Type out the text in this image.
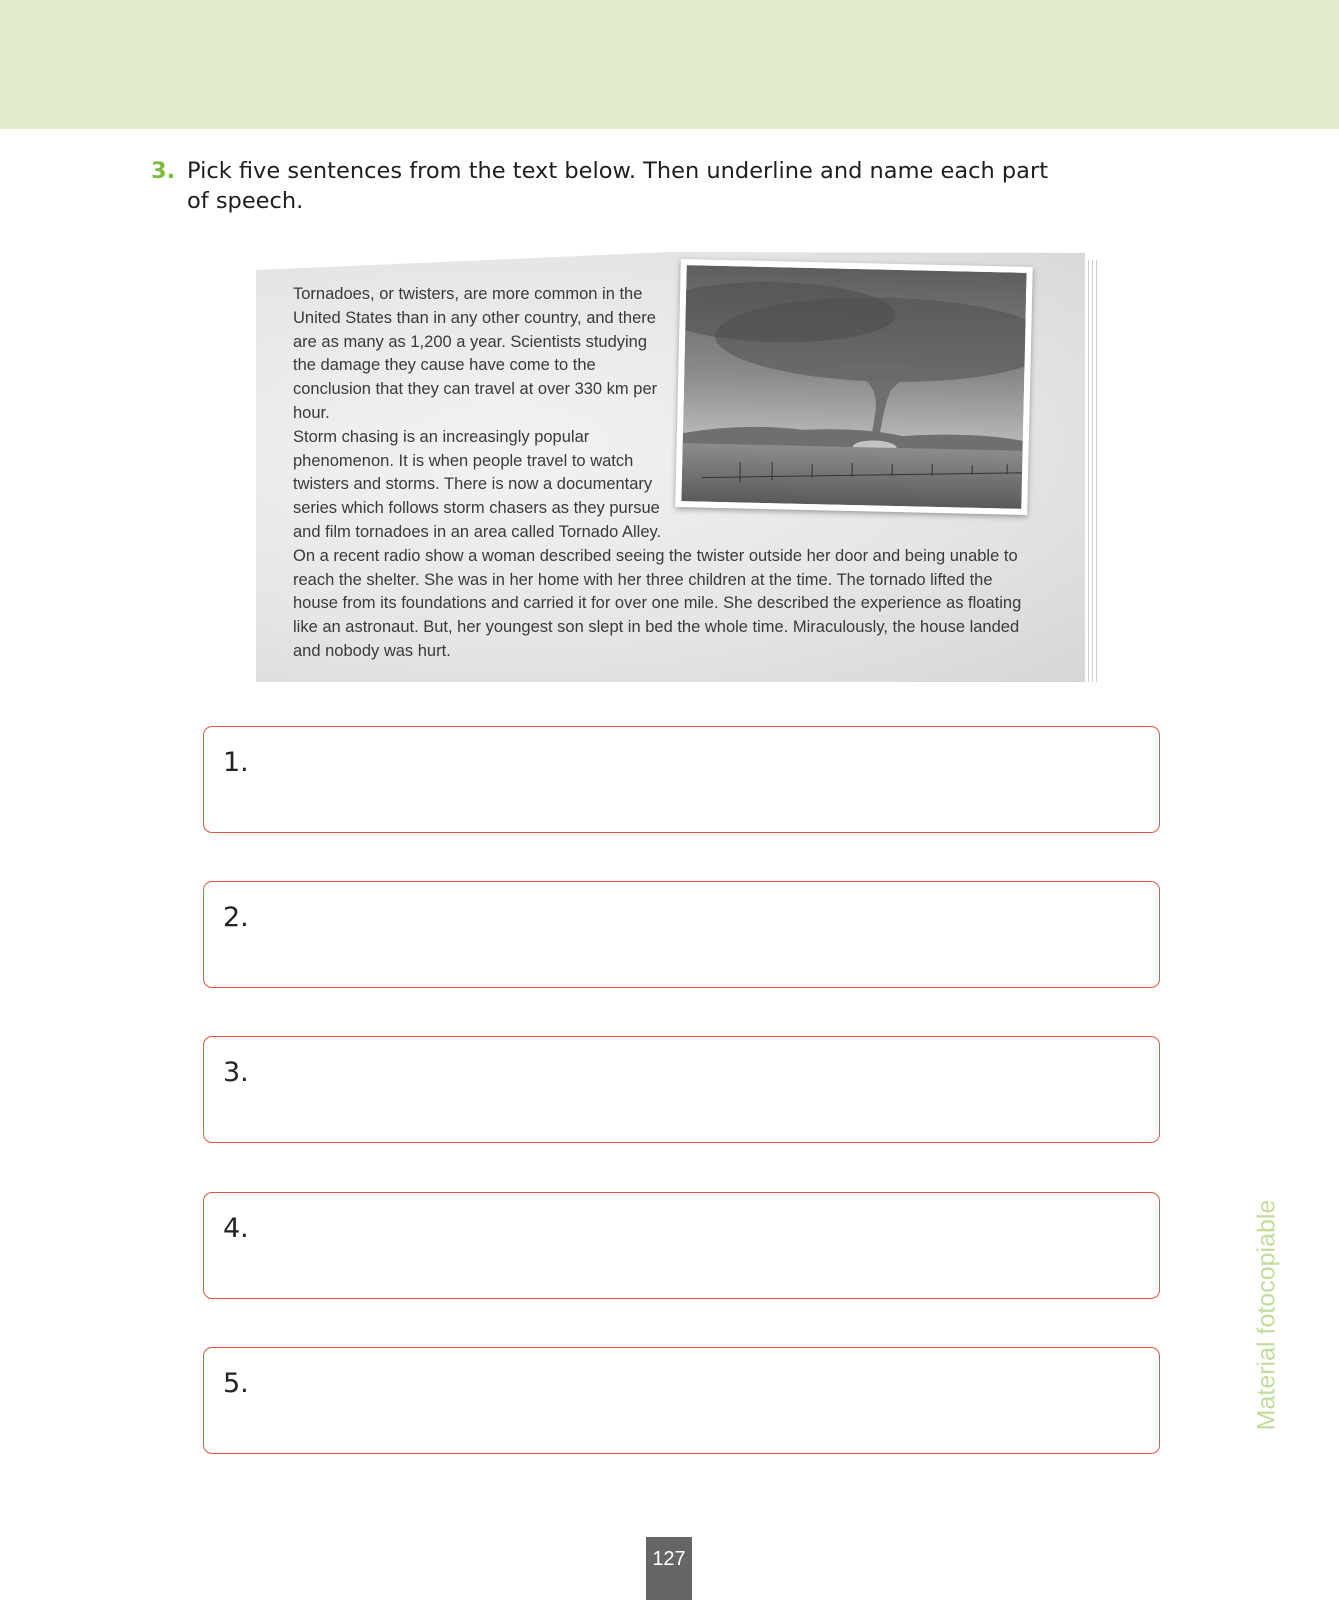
3. Pick five sentences from the text below. Then underline and name each part of speech.

Tornadoes, or twisters, are more common in the United States than in any other country, and there are as many as 1,200 a year. Scientists studying the damage they cause have come to the conclusion that they can travel at over 330 km per hour.

Storm chasing is an increasingly popular phenomenon. It is when people travel to watch twisters and storms. There is now a documentary series which follows storm chasers as they pursue and film tornadoes in an area called Tornado Alley.

On a recent radio show a woman described seeing the twister outside her door and being unable to reach the shelter. She was in her home with her three children at the time. The tornado lifted the house from its foundations and carried it for over one mile. She described the experience as floating like an astronaut. But, her youngest son slept in bed the whole time. Miraculously, the house landed and nobody was hurt.

1.
2.
3.
4.
5.	Material fotocopiable
127
